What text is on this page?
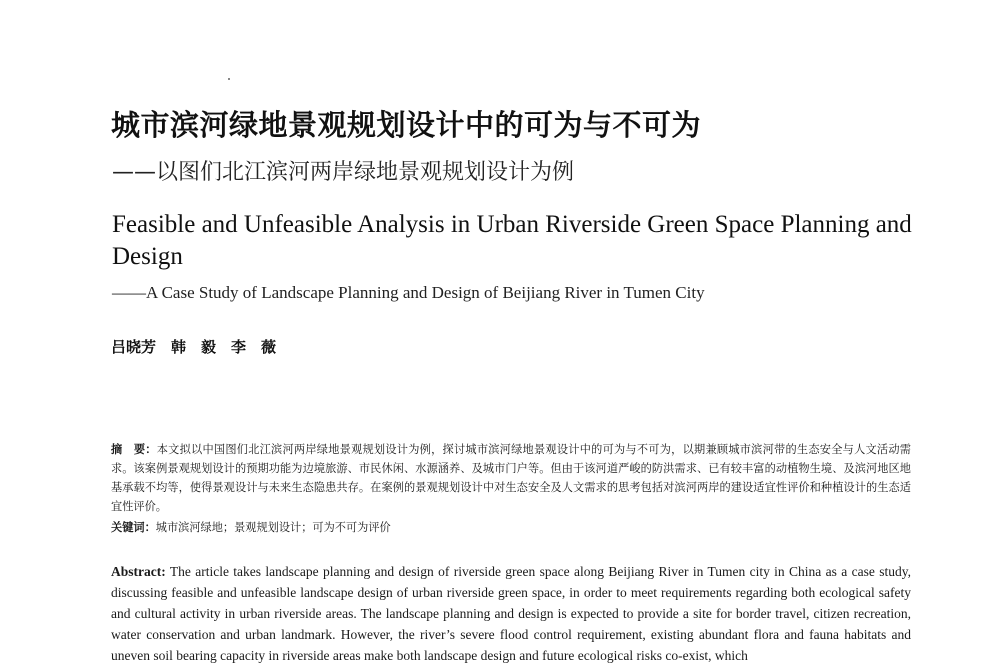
城市滨河绿地景观规划设计中的可为与不可为
——以图们北江滨河两岸绿地景观规划设计为例
Feasible and Unfeasible Analysis in Urban Riverside Green Space Planning and Design
——A Case Study of Landscape Planning and Design of Beijiang River in Tumen City
吕晓芳　韩　毅　李　薇
摘　要：本文拟以中国图们北江滨河两岸绿地景观规划设计为例，探讨城市滨河绿地景观设计中的可为与不可为，以期兼顾城市滨河带的生态安全与人文活动需求。该案例景观规划设计的预期功能为边境旅游、市民休闲、水源涵养、及城市门户等。但由于该河道严峻的防洪需求、已有较丰富的动植物生境、及滨河地区地基承载不均等，使得景观设计与未来生态隐患共存。在案例的景观规划设计中对生态安全及人文需求的思考包括对滨河两岸的建设适宜性评价和种植设计的生态适宜性评价。
关键词：城市滨河绿地；景观规划设计；可为不可为评价
Abstract: The article takes landscape planning and design of riverside green space along Beijiang River in Tumen city in China as a case study, discussing feasible and unfeasible landscape design of urban riverside green space, in order to meet requirements regarding both ecological safety and cultural activity in urban riverside areas. The landscape planning and design is expected to provide a site for border travel, citizen recreation, water conservation and urban landmark. However, the river’s severe flood control requirement, existing abundant flora and fauna habitats and uneven soil bearing capacity in riverside areas make both landscape design and future ecological risks co-exist, which
